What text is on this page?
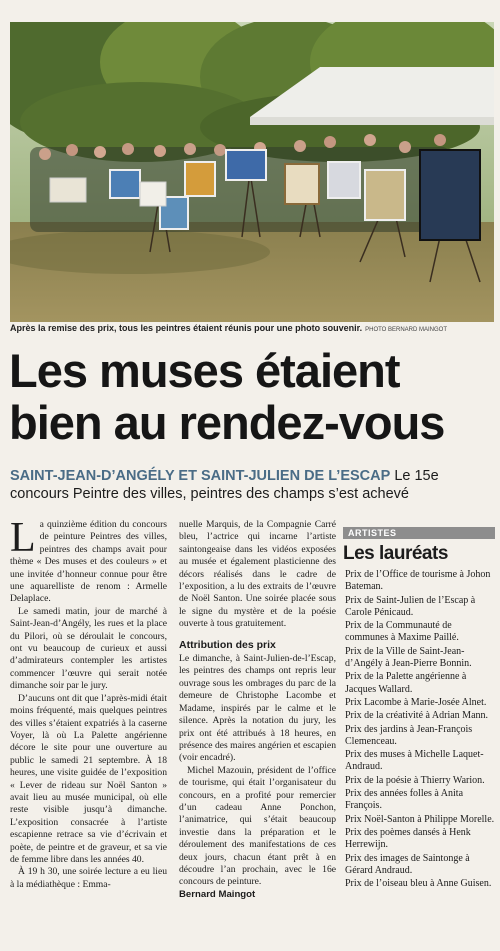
Après la remise des prix, tous les peintres étaient réunis pour une photo souvenir. PHOTO BERNARD MAINGOT
Les muses étaient bien au rendez-vous
SAINT-JEAN-D’ANGÉLY ET SAINT-JULIEN DE L’ESCAP Le 15e concours Peintre des villes, peintres des champs s’est achevé

La quinzième édition du concours de peinture Peintres des villes, peintres des champs avait pour thème « Des muses et des couleurs » et une invitée d’honneur connue pour être une aquarelliste de renom : Armelle Delaplace.

Le samedi matin, jour de marché à Saint-Jean-d’Angély, les rues et la place du Pilori, où se déroulait le concours, ont vu beaucoup de curieux et aussi d’admirateurs contempler les artistes commencer l’œuvre qui serait notée dimanche soir par le jury.

D’aucuns ont dit que l’après-midi était moins fréquenté, mais quelques peintres des villes s’étaient expatriés à la caserne Voyer, là où La Palette angérienne décore le site pour une ouverture au public le samedi 21 septembre. À 18 heures, une visite guidée de l’exposition « Lever de rideau sur Noël Santon » avait lieu au musée municipal, où elle reste visible jusqu’à dimanche. L’exposition consacrée à l’artiste escapienne retrace sa vie d’écrivain et poète, de peintre et de graveur, et sa vie de femme libre dans les années 40.

À 19 h 30, une soirée lecture a eu lieu à la médiathèque : Emma-

nuelle Marquis, de la Compagnie Carré bleu, l’actrice qui incarne l’artiste saintongeaise dans les vidéos exposées au musée et également plasticienne des décors réalisés dans le cadre de l’exposition, a lu des extraits de l’œuvre de Noël Santon. Une soirée placée sous le signe du mystère et de la poésie ouverte à tous gratuitement.

Attribution des prix

Le dimanche, à Saint-Julien-de-l’Escap, les peintres des champs ont repris leur ouvrage sous les ombrages du parc de la demeure de Christophe Lacombe et Madame, inspirés par le calme et le silence. Après la notation du jury, les prix ont été attribués à 18 heures, en présence des maires angérien et escapien (voir encadré).

Michel Mazouin, président de l’office de tourisme, qui était l’organisateur du concours, en a profité pour remercier d’un cadeau Anne Ponchon, l’animatrice, qui s’était beaucoup investie dans la préparation et le déroulement des manifestations de ces deux jours, chacun étant prêt à en découdre l’an prochain, avec le 16e concours de peinture.

Bernard Maingot

ARTISTES
Les lauréats
Prix de l’Office de tourisme à Johon Bateman.
Prix de Saint-Julien de l’Escap à Carole Pénicaud.
Prix de la Communauté de communes à Maxime Paillé.
Prix de la Ville de Saint-Jean-d’Angély à Jean-Pierre Bonnin.
Prix de la Palette angérienne à Jacques Wallard.
Prix Lacombe à Marie-Josée Alnet.
Prix de la créativité à Adrian Mann.
Prix des jardins à Jean-François Clemenceau.
Prix des muses à Michelle Laquet-Andraud.
Prix de la poésie à Thierry Warion.
Prix des années folles à Anita François.
Prix Noël-Santon à Philippe Morelle.
Prix des poèmes dansés à Henk Herrewijn.
Prix des images de Saintonge à Gérard Andraud.
Prix de l’oiseau bleu à Anne Guisen.
